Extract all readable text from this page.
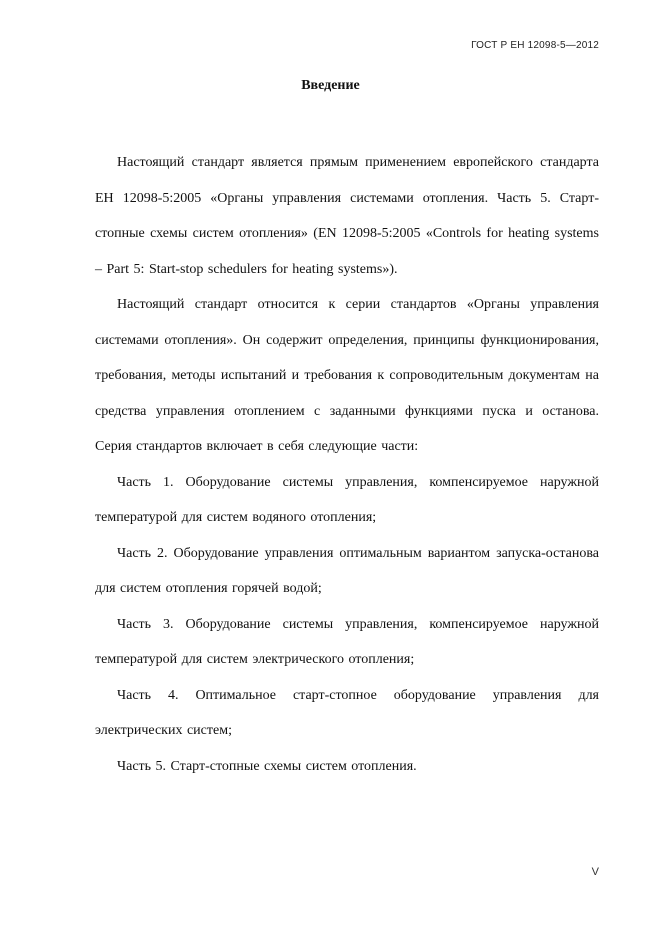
ГОСТ Р ЕН 12098-5—2012
Введение

Настоящий стандарт является прямым применением европейского стандарта ЕН 12098-5:2005 «Органы управления системами отопления. Часть 5. Старт-стопные схемы систем отопления» (EN 12098-5:2005 «Controls for heating systems – Part 5: Start-stop schedulers for heating systems»).

Настоящий стандарт относится к серии стандартов «Органы управления системами отопления». Он содержит определения, принципы функционирования, требования, методы испытаний и требования к сопроводительным документам на средства управления отоплением с заданными функциями пуска и останова. Серия стандартов включает в себя следующие части:

Часть 1. Оборудование системы управления, компенсируемое наружной температурой для систем водяного отопления;

Часть 2. Оборудование управления оптимальным вариантом запуска-останова для систем отопления горячей водой;

Часть 3. Оборудование системы управления, компенсируемое наружной температурой для систем электрического отопления;

Часть 4. Оптимальное старт-стопное оборудование управления для электрических систем;

Часть 5. Старт-стопные схемы систем отопления.

V
